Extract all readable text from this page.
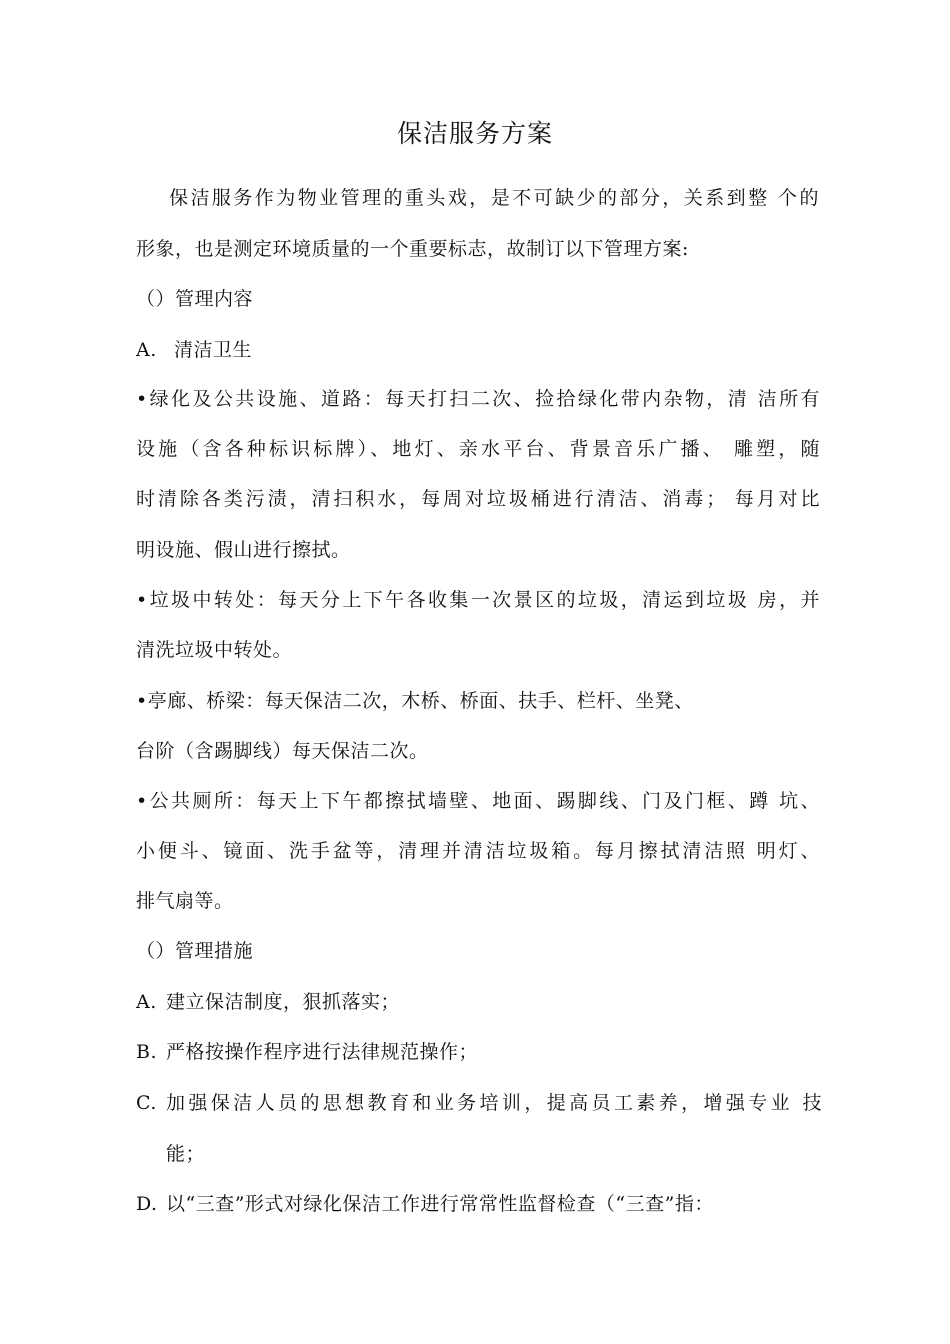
保洁服务方案
保洁服务作为物业管理的重头戏，是不可缺少的部分，关系到整 个的
形象，也是测定环境质量的一个重要标志，故制订以下管理方案:
（）管理内容
A. 清洁卫生
•绿化及公共设施、道路：每天打扫二次、捡拾绿化带内杂物，清 洁所有
设施（含各种标识标牌）、地灯、亲水平台、背景音乐广播、 雕塑，随
时清除各类污渍，清扫积水，每周对垃圾桶进行清洁、消毒； 每月对比
明设施、假山进行擦拭。
•垃圾中转处：每天分上下午各收集一次景区的垃圾，清运到垃圾 房，并
清洗垃圾中转处。
•亭廊、桥梁：每天保洁二次，木桥、桥面、扶手、栏杆、坐凳、
台阶（含踢脚线）每天保洁二次。
•公共厕所：每天上下午都擦拭墙壁、地面、踢脚线、门及门框、蹲 坑、
小便斗、镜面、洗手盆等，清理并清洁垃圾箱。每月擦拭清洁照 明灯、
排气扇等。
（）管理措施
A. 建立保洁制度，狠抓落实；
B. 严格按操作程序进行法律规范操作；
C. 加强保洁人员的思想教育和业务培训，提高员工素养，增强专业 技
能；
D. 以“三查”形式对绿化保洁工作进行常常性监督检查（“三查”指：
